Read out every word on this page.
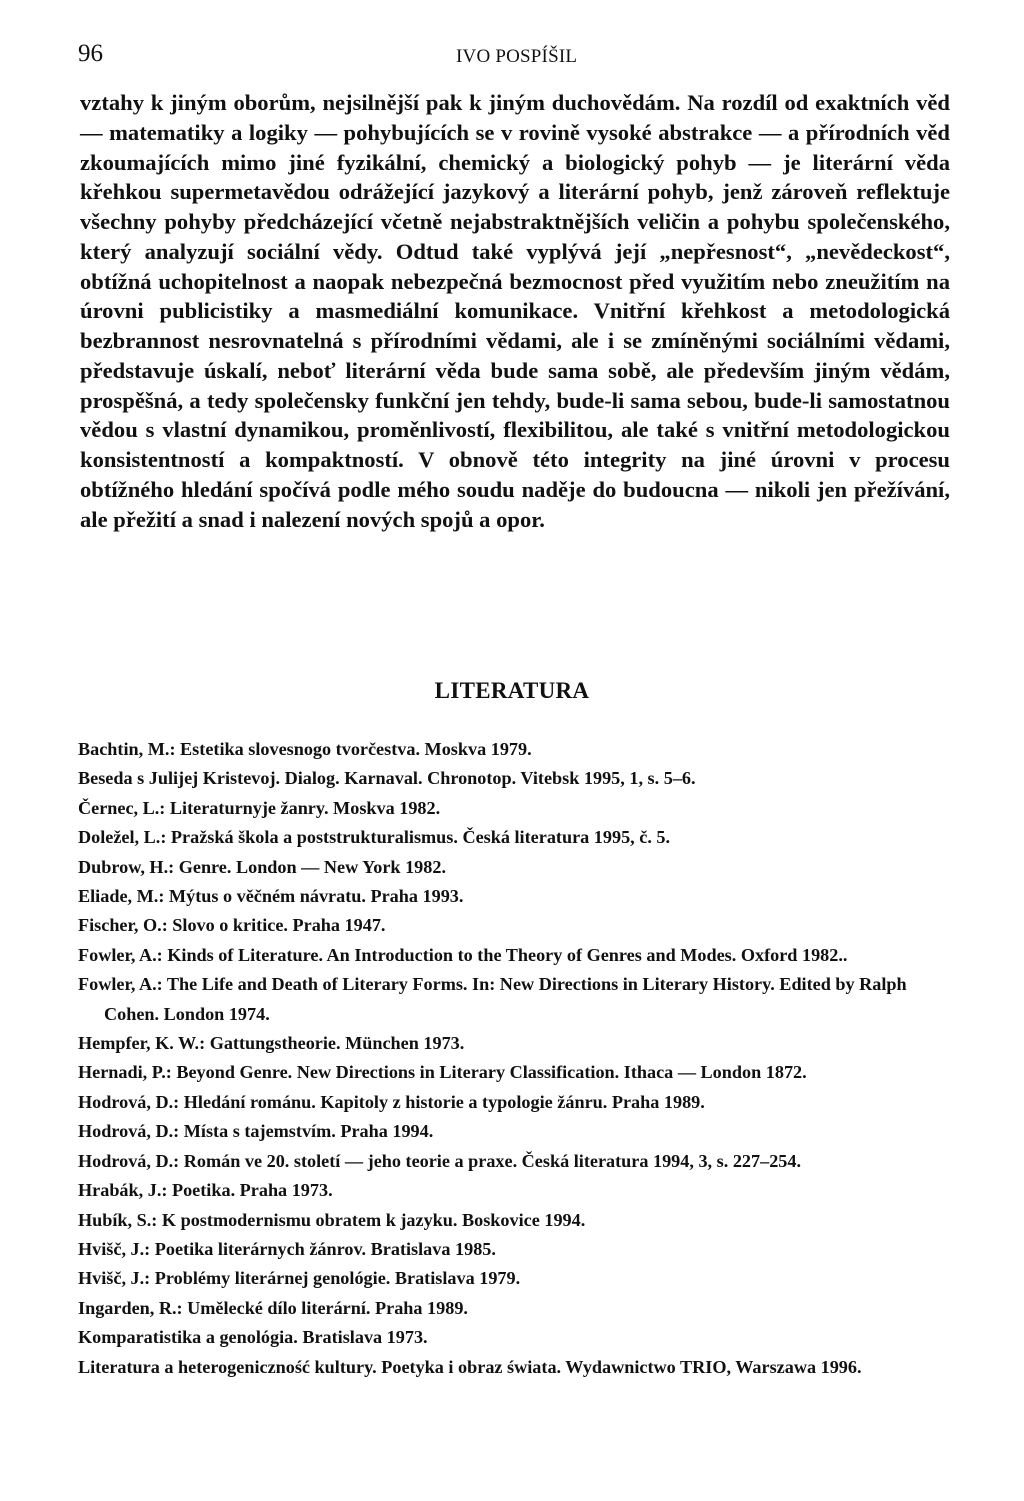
96	IVO POSPÍŠIL

vztahy k jiným oborům, nejsilnější pak k jiným duchovědám. Na rozdíl od exaktních věd — matematiky a logiky — pohybujících se v rovině vysoké abstrakce — a přírodních věd zkoumajících mimo jiné fyzikální, chemický a biologický pohyb — je literární věda křehkou supermetavědou odrážející jazykový a literární pohyb, jenž zároveň reflektuje všechny pohyby předcházející včetně nejabstraktnějších veličin a pohybu společenského, který analyzují sociální vědy. Odtud také vyplývá její „nepřesnost“, „nevědeckost“, obtížná uchopitelnost a naopak nebezpečná bezmocnost před využitím nebo zneužitím na úrovni publicistiky a masmediální komunikace. Vnitřní křehkost a metodologická bezbrannost nesrovnatelná s přírodními vědami, ale i se zmíněnými sociálními vědami, představuje úskalí, neboť literární věda bude sama sobě, ale především jiným vědám, prospěšná, a tedy společensky funkční jen tehdy, bude-li sama sebou, bude-li samostatnou vědou s vlastní dynamikou, proměnlivostí, flexibilitou, ale také s vnitřní metodologickou konsistentností a kompaktností. V obnově této integrity na jiné úrovni v procesu obtížného hledání spočívá podle mého soudu naděje do budoucna — nikoli jen přežívání, ale přežití a snad i nalezení nových spojů a opor.

LITERATURA
Bachtin, M.: Estetika slovesnogo tvorčestva. Moskva 1979.
Beseda s Julijej Kristevoj. Dialog. Karnaval. Chronotop. Vitebsk 1995, 1, s. 5–6.
Černec, L.: Literaturnyje žanry. Moskva 1982.
Doležel, L.: Pražská škola a poststrukturalismus. Česká literatura 1995, č. 5.
Dubrow, H.: Genre. London — New York 1982.
Eliade, M.: Mýtus o věčném návratu. Praha 1993.
Fischer, O.: Slovo o kritice. Praha 1947.
Fowler, A.: Kinds of Literature. An Introduction to the Theory of Genres and Modes. Oxford 1982..
Fowler, A.: The Life and Death of Literary Forms. In: New Directions in Literary History. Edited by Ralph Cohen. London 1974.
Hempfer, K. W.: Gattungstheorie. München 1973.
Hernadi, P.: Beyond Genre. New Directions in Literary Classification. Ithaca — London 1872.
Hodrová, D.: Hledání románu. Kapitoly z historie a typologie žánru. Praha 1989.
Hodrová, D.: Místa s tajemstvím. Praha 1994.
Hodrová, D.: Román ve 20. století — jeho teorie a praxe. Česká literatura 1994, 3, s. 227–254.
Hrabák, J.: Poetika. Praha 1973.
Hubík, S.: K postmodernismu obratem k jazyku. Boskovice 1994.
Hvišč, J.: Poetika literárnych žánrov. Bratislava 1985.
Hvišč, J.: Problémy literárnej genológie. Bratislava 1979.
Ingarden, R.: Umělecké dílo literární. Praha 1989.
Komparatistika a genológia. Bratislava 1973.
Literatura a heterogeniczność kultury. Poetyka i obraz świata. Wydawnictwo TRIO, Warszawa 1996.
